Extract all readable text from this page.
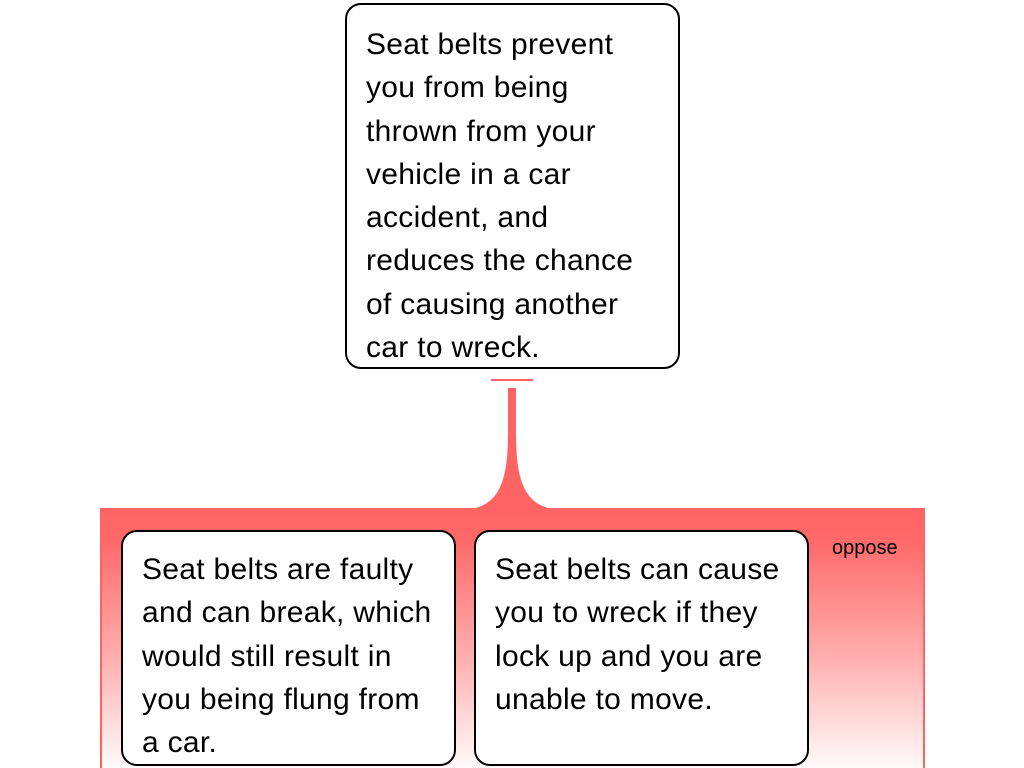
Seat belts prevent you from being thrown from your vehicle in a car accident, and reduces the chance of causing another car to wreck.
oppose
Seat belts are faulty and can break, which would still result in you being flung from a car.
Seat belts can cause you to wreck if they lock up and you are unable to move.
